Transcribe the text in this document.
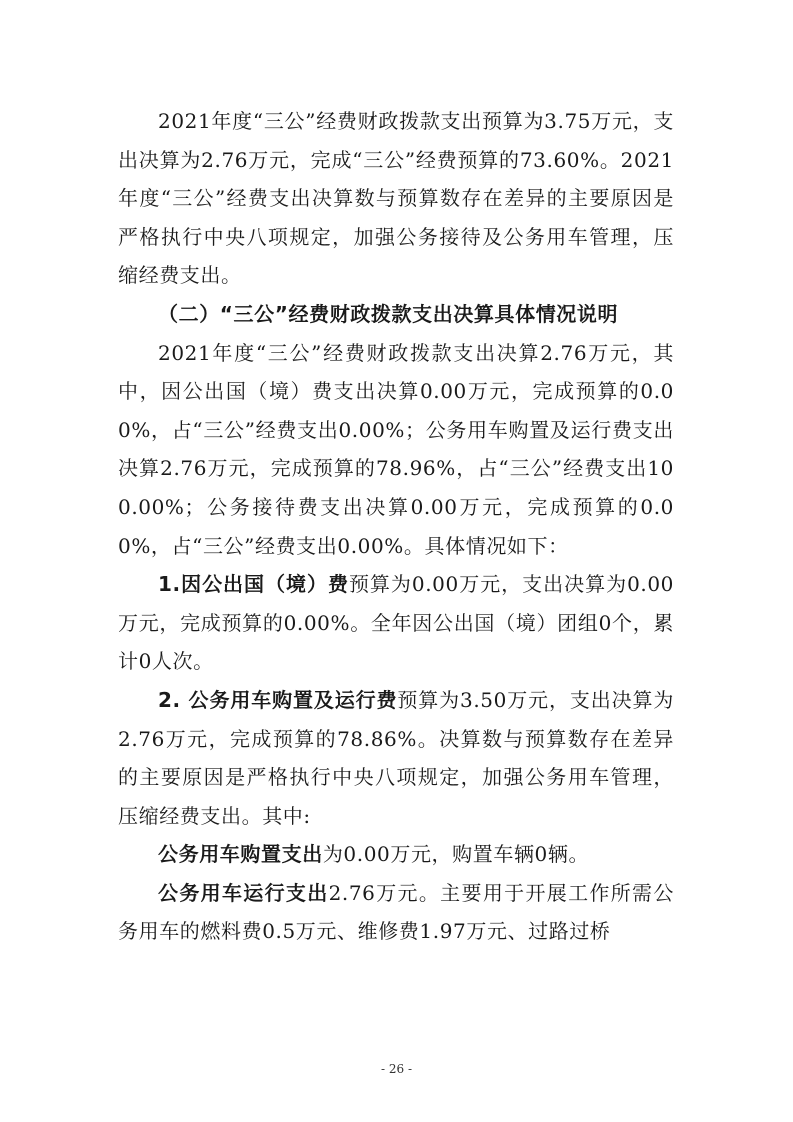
2021年度“三公”经费财政拨款支出预算为3.75万元，支出决算为2.76万元，完成“三公”经费预算的73.60%。2021年度“三公”经费支出决算数与预算数存在差异的主要原因是严格执行中央八项规定，加强公务接待及公务用车管理，压缩经费支出。

（二）“三公”经费财政拨款支出决算具体情况说明

2021年度“三公”经费财政拨款支出决算2.76万元，其中，因公出国（境）费支出决算0.00万元，完成预算的0.00%，占“三公”经费支出0.00%；公务用车购置及运行费支出决算2.76万元，完成预算的78.96%，占“三公”经费支出100.00%；公务接待费支出决算0.00万元，完成预算的0.00%，占“三公”经费支出0.00%。具体情况如下：

1.因公出国（境）费预算为0.00万元，支出决算为0.00万元，完成预算的0.00%。全年因公出国（境）团组0个，累计0人次。

2. 公务用车购置及运行费预算为3.50万元，支出决算为2.76万元，完成预算的78.86%。决算数与预算数存在差异的主要原因是严格执行中央八项规定，加强公务用车管理，压缩经费支出。其中:

公务用车购置支出为0.00万元，购置车辆0辆。

公务用车运行支出2.76万元。主要用于开展工作所需公务用车的燃料费0.5万元、维修费1.97万元、过路过桥

- 26 -
